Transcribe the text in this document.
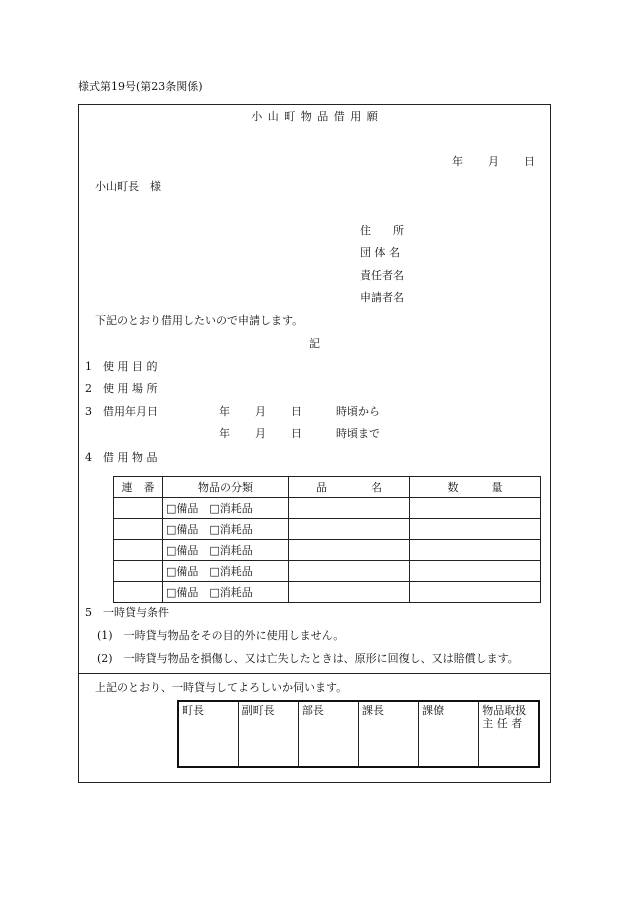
様式第19号(第23条関係)
小 山 町 物 品 借 用 願
年 月 日
小山町長　様
住　　所
団 体 名
責任者名
申請者名
下記のとおり借用したいので申請します。
記
1　使 用 目 的
2　使 用 場 所
3　借用年月日	年 月 日	時頃から
年 月 日	時頃まで
4　借 用 物 品
連　番	物品の分類	品　　　　名	数　　　量
	□備品　□消耗品		
	□備品　□消耗品		
	□備品　□消耗品		
	□備品　□消耗品		
	□備品　□消耗品		
5　一時貸与条件
(1)　一時貸与物品をその目的外に使用しません。
(2)　一時貸与物品を損傷し、又は亡失したときは、原形に回復し、又は賠償します。
上記のとおり、一時貸与してよろしいか伺います。
町長	副町長	部長	課長	課僚	物品取扱
主 任 者
